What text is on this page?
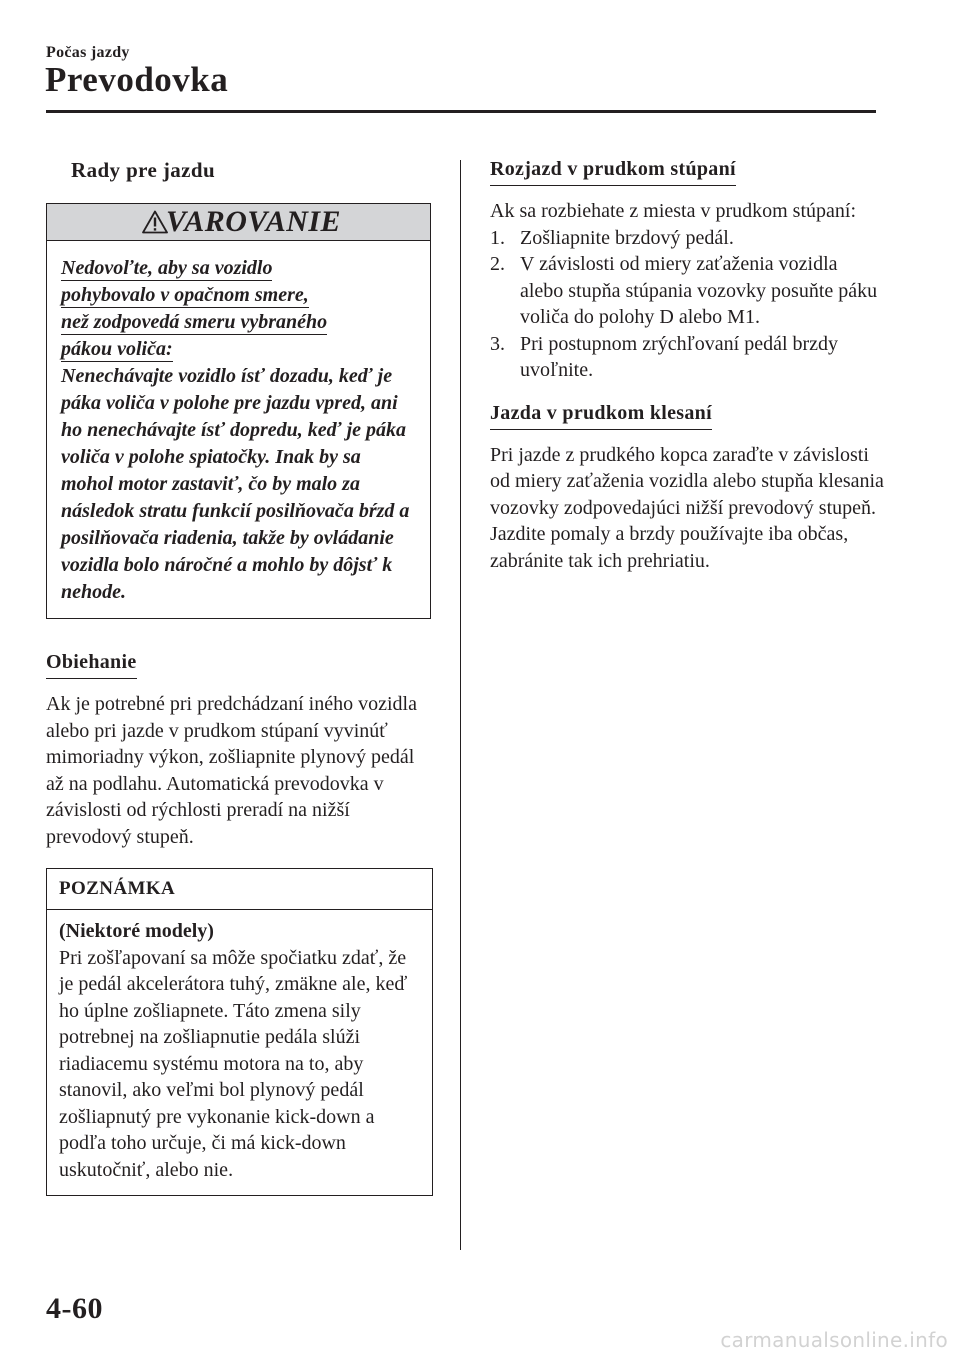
Počas jazdy
Prevodovka
Rady pre jazdu
VAROVANIE
Nedovoľte, aby sa vozidlo
pohybovalo v opačnom smere,
než zodpovedá smeru vybraného
pákou voliča:
Nenechávajte vozidlo ísť dozadu, keď je páka voliča v polohe pre jazdu vpred, ani ho nenechávajte ísť dopredu, keď je páka voliča v polohe spiatočky. Inak by sa mohol motor zastaviť, čo by malo za následok stratu funkcií posilňovača bŕzd a posilňovača riadenia, takže by ovládanie vozidla bolo náročné a mohlo by dôjsť k nehode.
Obiehanie

Ak je potrebné pri predchádzaní iného vozidla alebo pri jazde v prudkom stúpaní vyvinúť mimoriadny výkon, zošliapnite plynový pedál až na podlahu. Automatická prevodovka v závislosti od rýchlosti preradí na nižší prevodový stupeň.

POZNÁMKA
(Niektoré modely)

Pri zošľapovaní sa môže spočiatku zdať, že je pedál akcelerátora tuhý, zmäkne ale, keď ho úplne zošliapnete. Táto zmena sily potrebnej na zošliapnutie pedála slúži riadiacemu systému motora na to, aby stanovil, ako veľmi bol plynový pedál zošliapnutý pre vykonanie kick-down a podľa toho určuje, či má kick-down uskutočniť, alebo nie.

Rozjazd v prudkom stúpaní

Ak sa rozbiehate z miesta v prudkom stúpaní:

1. Zošliapnite brzdový pedál.
2. V závislosti od miery zaťaženia vozidla alebo stupňa stúpania vozovky posuňte páku voliča do polohy D alebo M1.
3. Pri postupnom zrýchľovaní pedál brzdy uvoľnite.
Jazda v prudkom klesaní

Pri jazde z prudkého kopca zaraďte v závislosti od miery zaťaženia vozidla alebo stupňa klesania vozovky zodpovedajúci nižší prevodový stupeň. Jazdite pomaly a brzdy používajte iba občas, zabránite tak ich prehriatiu.

4-60
carmanualsonline.info
